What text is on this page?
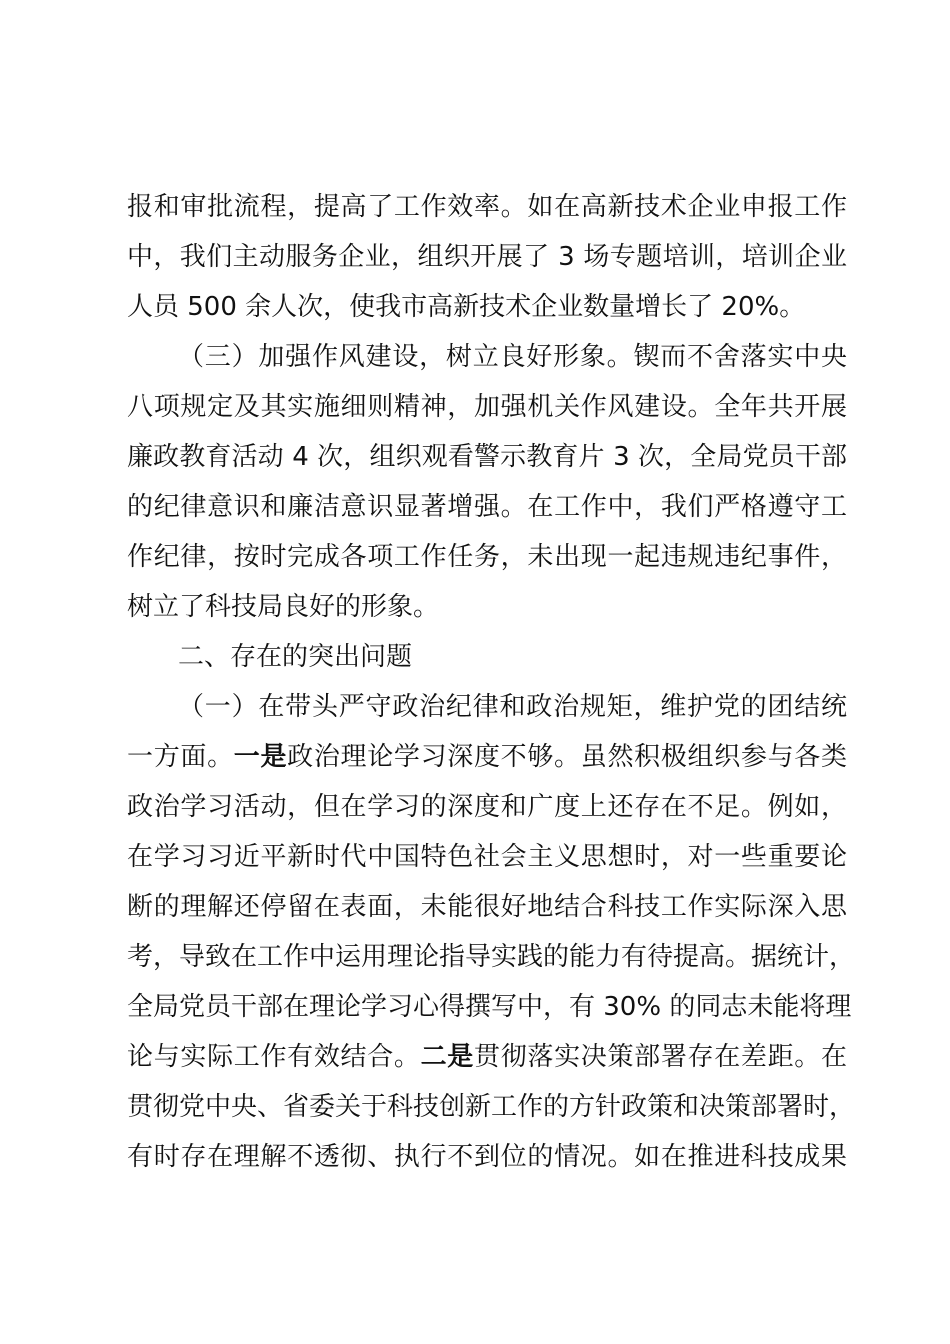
报和审批流程，提高了工作效率。如在高新技术企业申报工作
中，我们主动服务企业，组织开展了 3 场专题培训，培训企业
人员 500 余人次，使我市高新技术企业数量增长了 20%。
（三）加强作风建设，树立良好形象。锲而不舍落实中央
八项规定及其实施细则精神，加强机关作风建设。全年共开展
廉政教育活动 4 次，组织观看警示教育片 3 次，全局党员干部
的纪律意识和廉洁意识显著增强。在工作中，我们严格遵守工
作纪律，按时完成各项工作任务，未出现一起违规违纪事件，
树立了科技局良好的形象。
二、存在的突出问题
（一）在带头严守政治纪律和政治规矩，维护党的团结统
一方面。一是政治理论学习深度不够。虽然积极组织参与各类
政治学习活动，但在学习的深度和广度上还存在不足。例如，
在学习习近平新时代中国特色社会主义思想时，对一些重要论
断的理解还停留在表面，未能很好地结合科技工作实际深入思
考，导致在工作中运用理论指导实践的能力有待提高。据统计，
全局党员干部在理论学习心得撰写中，有 30% 的同志未能将理
论与实际工作有效结合。二是贯彻落实决策部署存在差距。在
贯彻党中央、省委关于科技创新工作的方针政策和决策部署时，
有时存在理解不透彻、执行不到位的情况。如在推进科技成果
